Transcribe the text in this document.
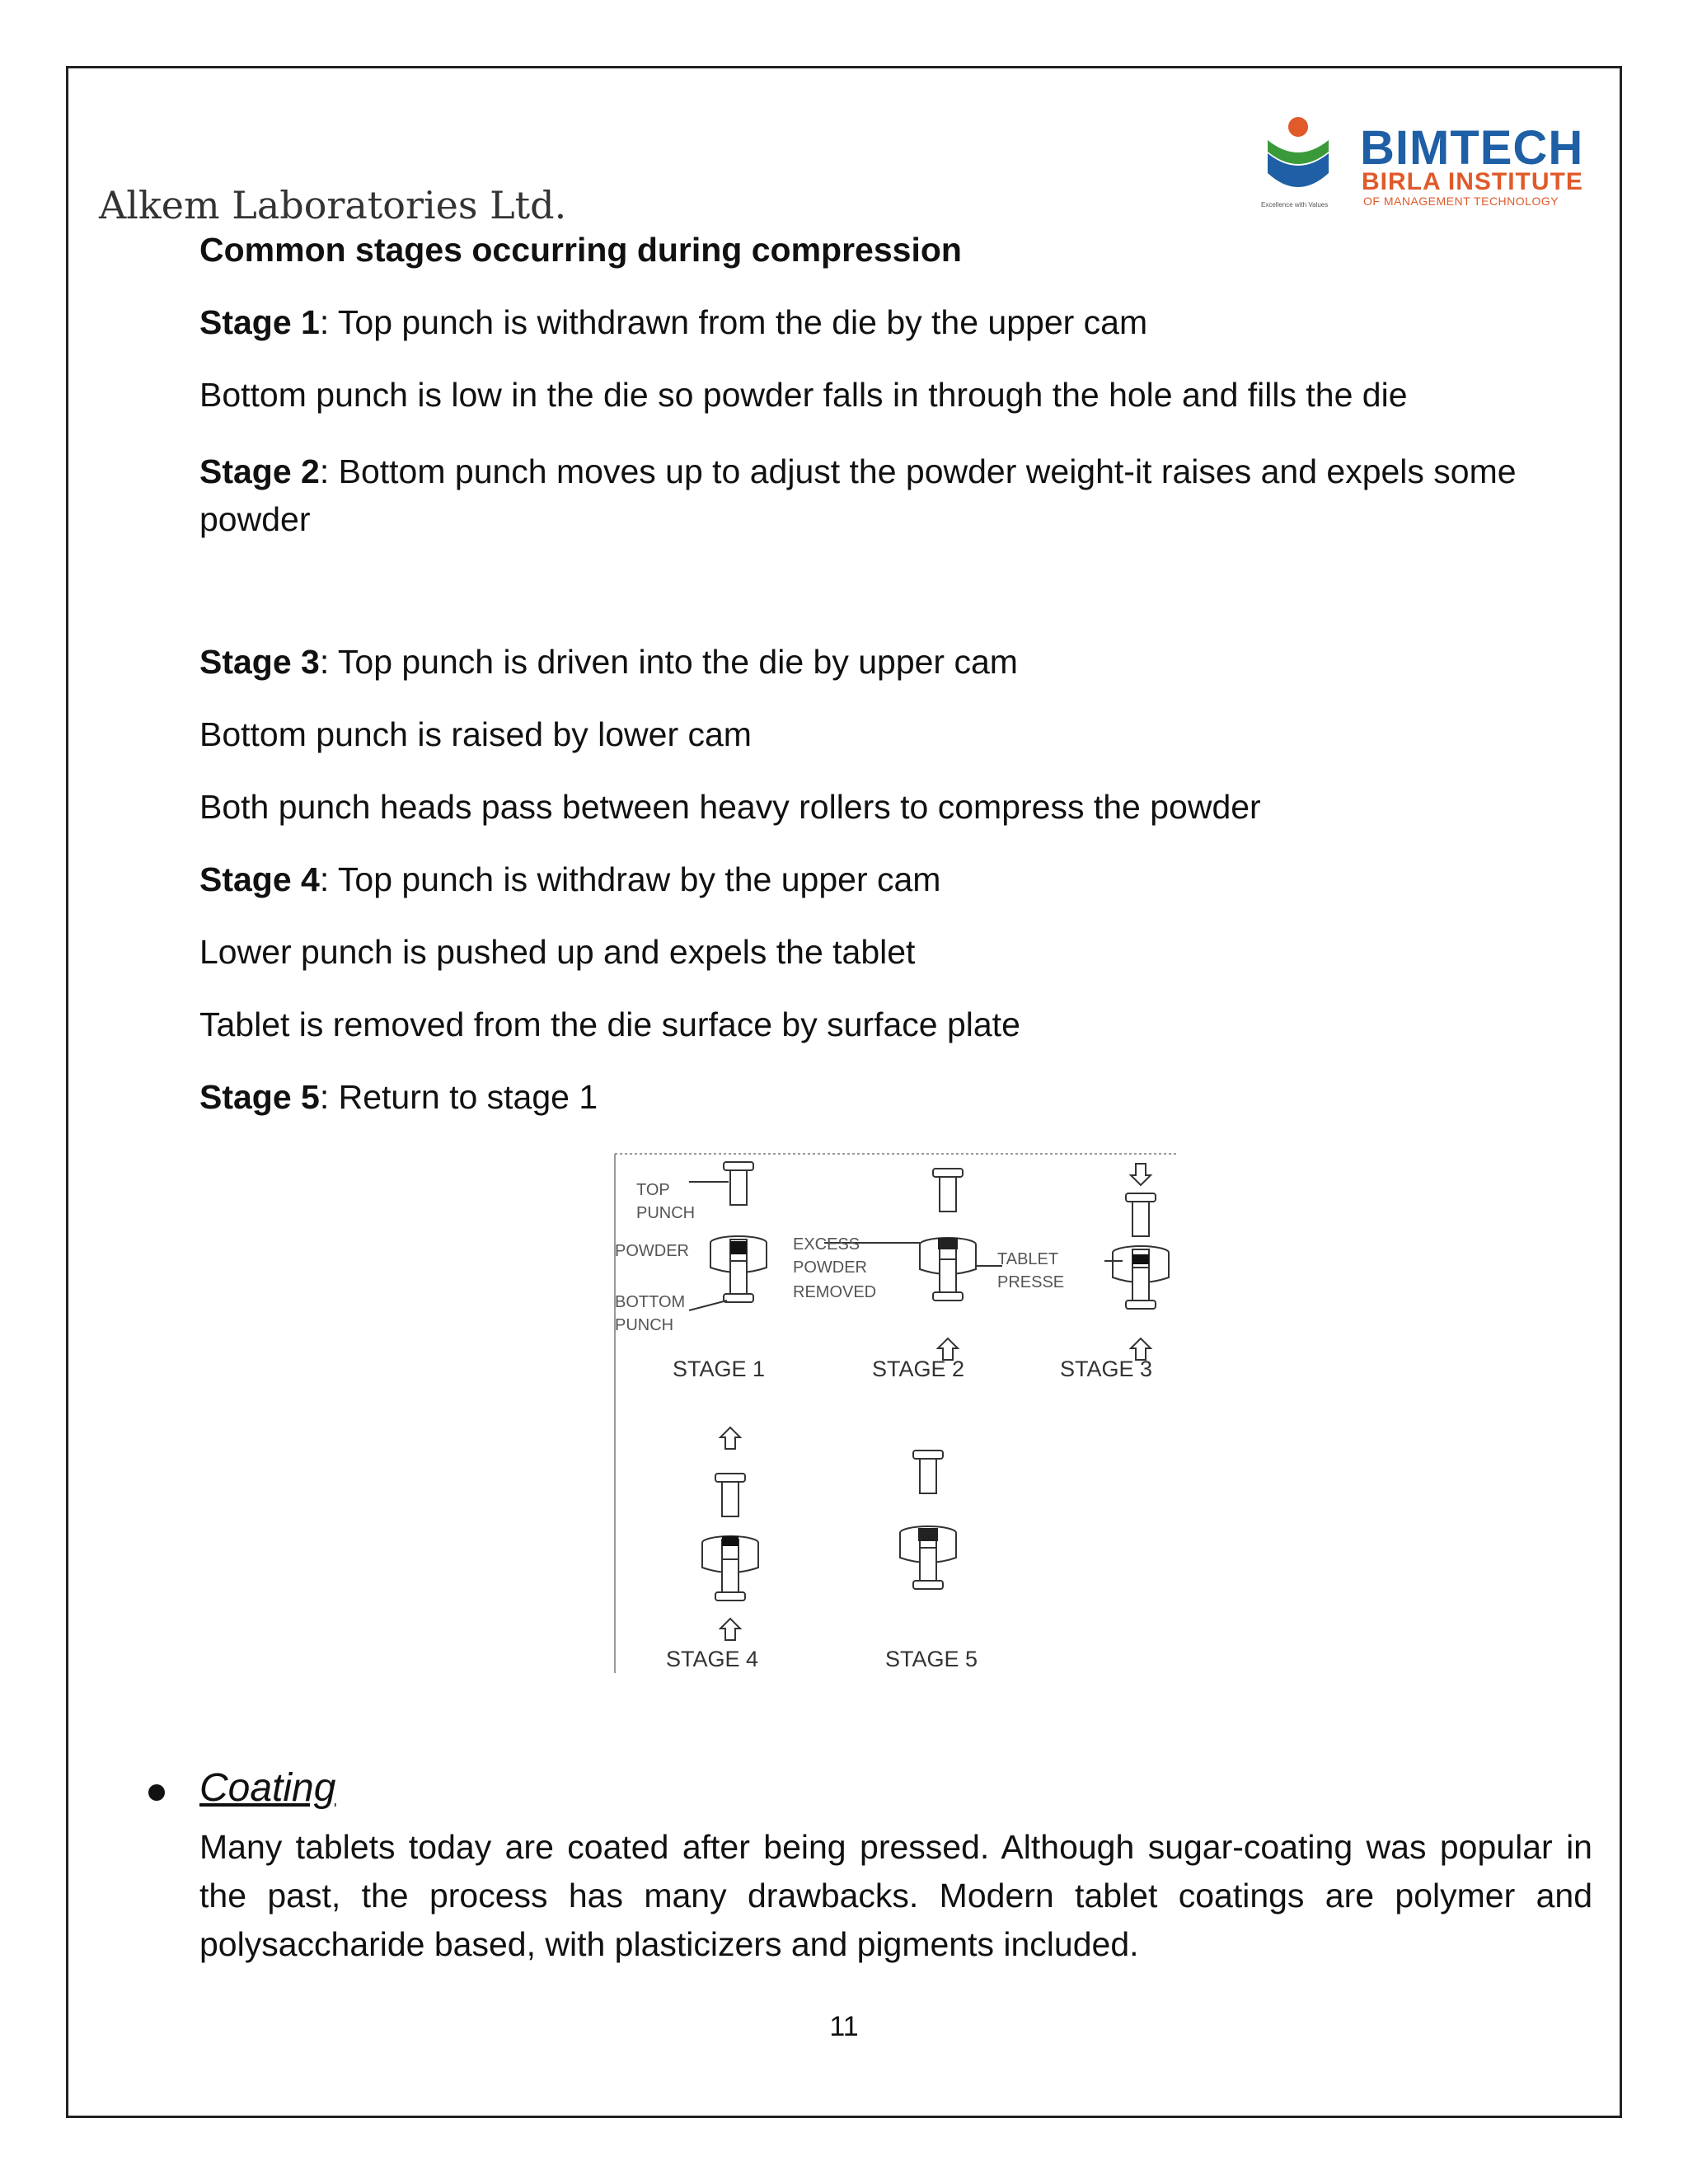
Alkem Laboratories Ltd.
BIMTECH
BIRLA INSTITUTE
OF MANAGEMENT TECHNOLOGY
Excellence with Values
Common stages occurring during compression
Stage 1: Top punch is withdrawn from the die by the upper cam
Bottom punch is low in the die so powder falls in through the hole and fills the die
Stage 2: Bottom punch moves up to adjust the powder weight-it raises and expels some powder
Stage 3: Top punch is driven into the die by upper cam
Bottom punch is raised by lower cam
Both punch heads pass between heavy rollers to compress the powder
Stage 4: Top punch is withdraw by the upper cam
Lower punch is pushed up and expels the tablet
Tablet is removed from the die surface by surface plate
Stage 5: Return to stage 1
TOP
PUNCH
POWDER
BOTTOM
PUNCH
STAGE 1
EXCESS
POWDER
REMOVED
STAGE 2
TABLET
PRESSE
STAGE 3
STAGE 4	STAGE 5
Coating
Many tablets today are coated after being pressed. Although sugar-coating was popular in the past, the process has many drawbacks. Modern tablet coatings are polymer and polysaccharide based, with plasticizers and pigments included.
11
